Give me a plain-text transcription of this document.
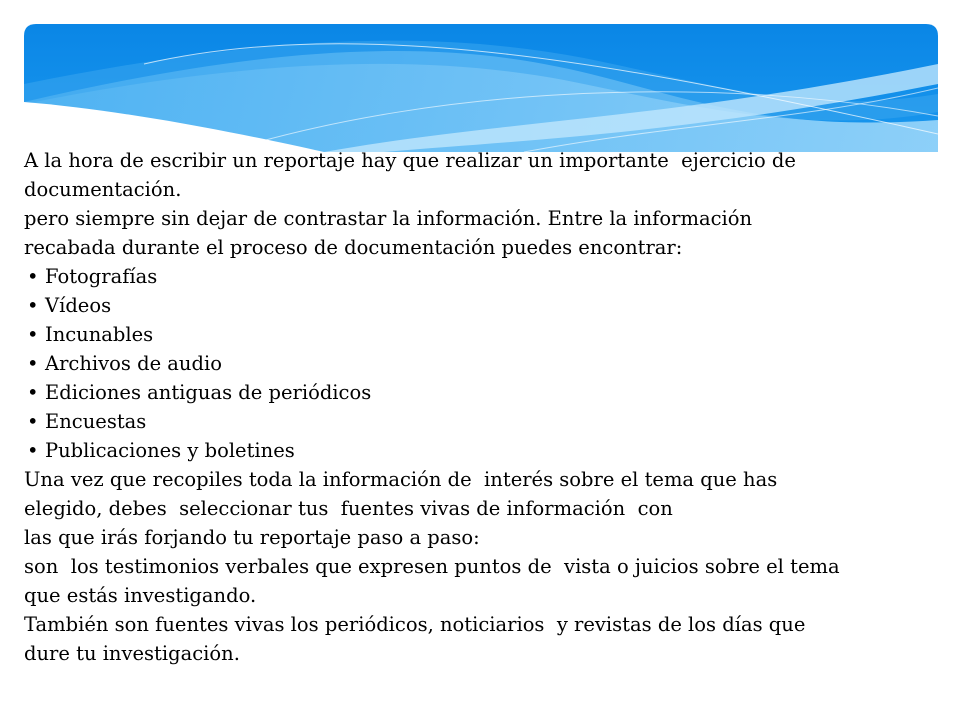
A la hora de escribir un reportaje hay que realizar un importante  ejercicio de
documentación.
pero siempre sin dejar de contrastar la información. Entre la información
recabada durante el proceso de documentación puedes encontrar:
• Fotografías
• Vídeos
• Incunables
• Archivos de audio
• Ediciones antiguas de periódicos
• Encuestas
• Publicaciones y boletines
Una vez que recopiles toda la información de  interés sobre el tema que has
elegido, debes  seleccionar tus  fuentes vivas de información  con
las que irás forjando tu reportaje paso a paso:
son  los testimonios verbales que expresen puntos de  vista o juicios sobre el tema
que estás investigando.
También son fuentes vivas los periódicos, noticiarios  y revistas de los días que
dure tu investigación.
